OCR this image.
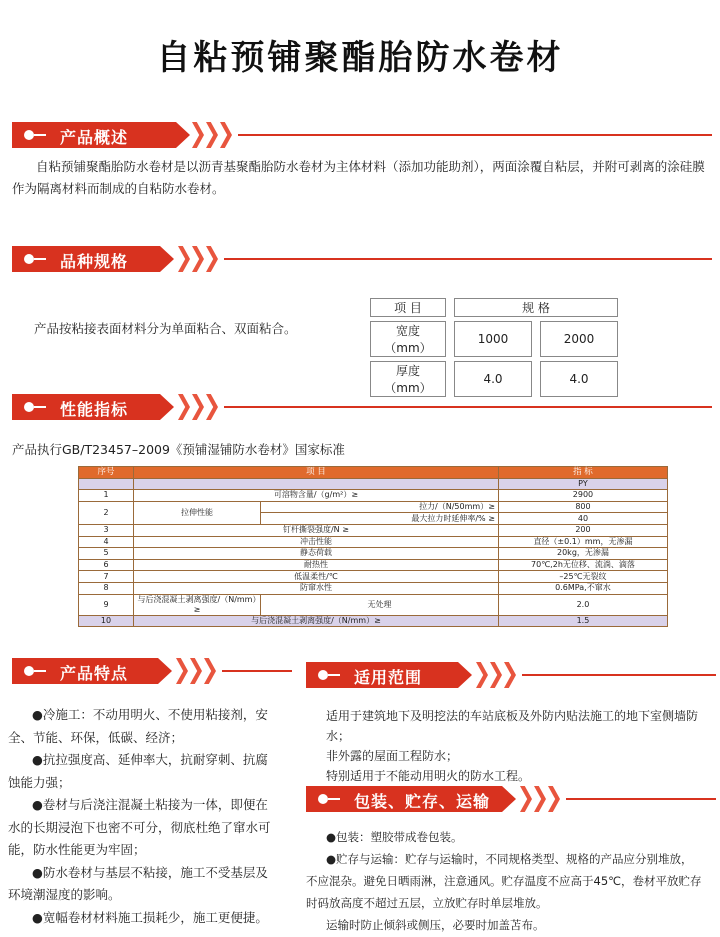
自粘预铺聚酯胎防水卷材
产品概述
自粘预铺聚酯胎防水卷材是以沥青基聚酯胎防水卷材为主体材料（添加功能助剂），两面涂覆自粘层，并附可剥离的涂硅膜作为隔离材料而制成的自粘防水卷材。
品种规格
产品按粘接表面材料分为单面粘合、双面粘合。
项 目	规 格	
宽度（mm）	1000	2000
厚度（mm）	4.0	4.0
性能指标
产品执行GB/T23457–2009《预铺湿铺防水卷材》国家标准
序号	项 目		指 标
			PY
1	可溶物含量/（g/m²）≥		2900
2	拉伸性能	拉力/（N/50mm）≥	800
		最大拉力时延伸率/% ≥	40
3	钉杆撕裂强度/N ≥		200
4	冲击性能		直径（±0.1）mm，无渗漏
5	静态荷载		20kg，无渗漏
6	耐热性		70℃,2h无位移、流淌、滴落
7	低温柔性/℃		–25℃无裂纹
8	防窜水性		0.6MPa,不窜水
9	与后浇混凝土剥离强度/（N/mm）≥	无处理	2.0
10	与后浇混凝土剥离强度/（N/mm）≥		1.5
产品特点

●冷施工：不动用明火、不使用粘接剂，安

全、节能、环保，低碳、经济；

●抗拉强度高、延伸率大，抗耐穿刺、抗腐

蚀能力强；

●卷材与后浇注混凝土粘接为一体，即便在

水的长期浸泡下也密不可分，彻底杜绝了窜水可

能，防水性能更为牢固；

●防水卷材与基层不粘接，施工不受基层及

环境潮湿度的影响。

●宽幅卷材材料施工损耗少，施工更便捷。

适用范围

适用于建筑地下及明挖法的车站底板及外防内贴法施工的地下室侧墙防水；

非外露的屋面工程防水；

特别适用于不能动用明火的防水工程。

包装、贮存、运输

●包装：塑胶带成卷包装。

●贮存与运输：贮存与运输时，不同规格类型、规格的产品应分别堆放，

不应混杂。避免日晒雨淋，注意通风。贮存温度不应高于45℃，卷材平放贮存

时码放高度不超过五层，立放贮存时单层堆放。

运输时防止倾斜或侧压，必要时加盖苫布。
